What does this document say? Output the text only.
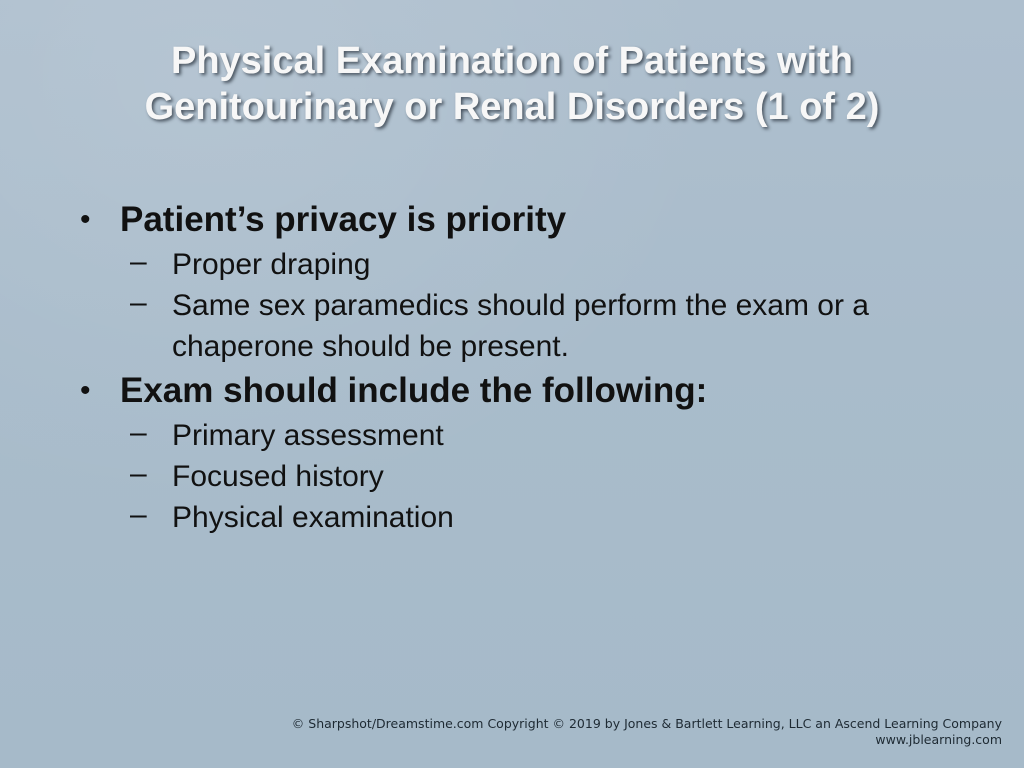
Physical Examination of Patients with
Genitourinary or Renal Disorders (1 of 2)
• Patient’s privacy is priority
– Proper draping
– Same sex paramedics should perform the exam or a chaperone should be present.
• Exam should include the following:
– Primary assessment
– Focused history
– Physical examination
© Sharpshot/Dreamstime.com Copyright © 2019 by Jones & Bartlett Learning, LLC an Ascend Learning Company
www.jblearning.com
